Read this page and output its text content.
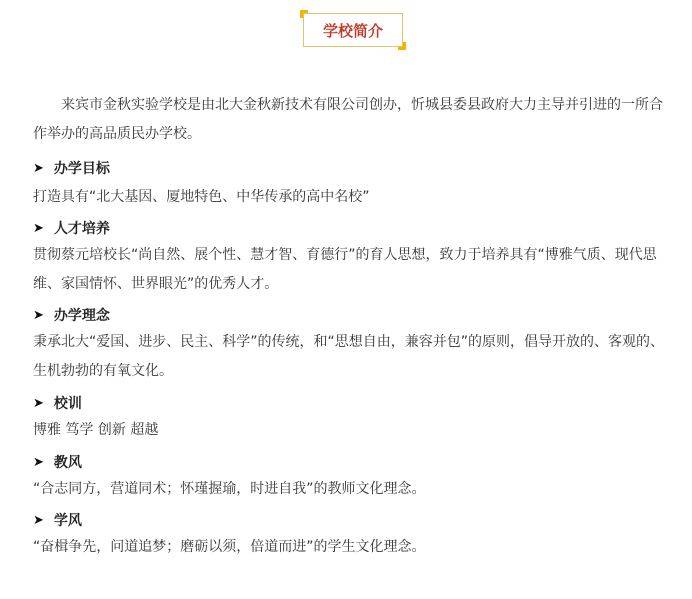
学校简介
来宾市金秋实验学校是由北大金秋新技术有限公司创办，忻城县委县政府大力主导并引进的一所合作举办的高品质民办学校。
➤ 办学目标
打造具有“北大基因、厦地特色、中华传承的高中名校”
➤ 人才培养
贯彻蔡元培校长“尚自然、展个性、慧才智、育德行”的育人思想，致力于培养具有“博雅气质、现代思维、家国情怀、世界眼光”的优秀人才。
➤ 办学理念
秉承北大“爱国、进步、民主、科学”的传统，和“思想自由，兼容并包”的原则，倡导开放的、客观的、生机勃勃的有氧文化。
➤ 校训
博雅 笃学 创新 超越
➤ 教风
“合志同方，营道同术；怀瑾握瑜，时进自我”的教师文化理念。
➤ 学风
“奋楫争先，问道追梦；磨砺以须，倍道而进”的学生文化理念。
